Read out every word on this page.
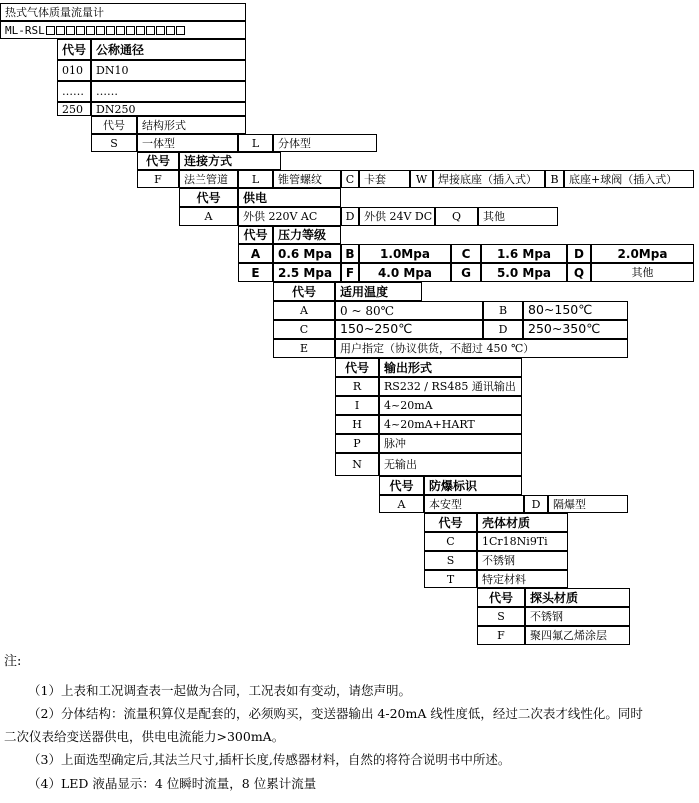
热式气体质量流量计
ML-RSL
代号 公称通径
010 DN10
…… ……
250 DN250
代号 结构形式
S 一体型	L 分体型
代号 连接方式
F 法兰管道 L 锥管螺纹 C 卡套	W 焊接底座（插入式） B 底座+球阀（插入式）
代号 供电
A	外供 220V AC	D 外供 24V DC Q 其他
代号 压力等级
A 0.6 Mpa B 1.0Mpa	C 1.6 Mpa D	2.0Mpa
E 2.5 Mpa F 4.0 Mpa G 5.0 Mpa Q	其他
代号 适用温度
A	0 ~ 80℃	B 80~150℃
C	150~250℃	D 250~350℃
E	用户指定（协议供货，不超过 450 ℃）
代号 输出形式
R RS232 / RS485 通讯输出
I 4~20mA
H 4~20mA+HART
P 脉冲
N 无输出
代号 防爆标识
A 本安型	D 隔爆型
代号 壳体材质
C 1Cr18Ni9Ti
S	不锈钢
T	特定材料
代号 探头材质
S 不锈钢
F 聚四氟乙烯涂层
注:
（1）上表和工况调查表一起做为合同，工况表如有变动，请您声明。
（2）分体结构：流量积算仪是配套的，必须购买，变送器输出 4-20mA 线性度低，经过二次表才线性化。同时
二次仪表给变送器供电，供电电流能力>300mA。
（3）上面选型确定后,其法兰尺寸,插杆长度,传感器材料，自然的将符合说明书中所述。
（4）LED 液晶显示：4 位瞬时流量，8 位累计流量
